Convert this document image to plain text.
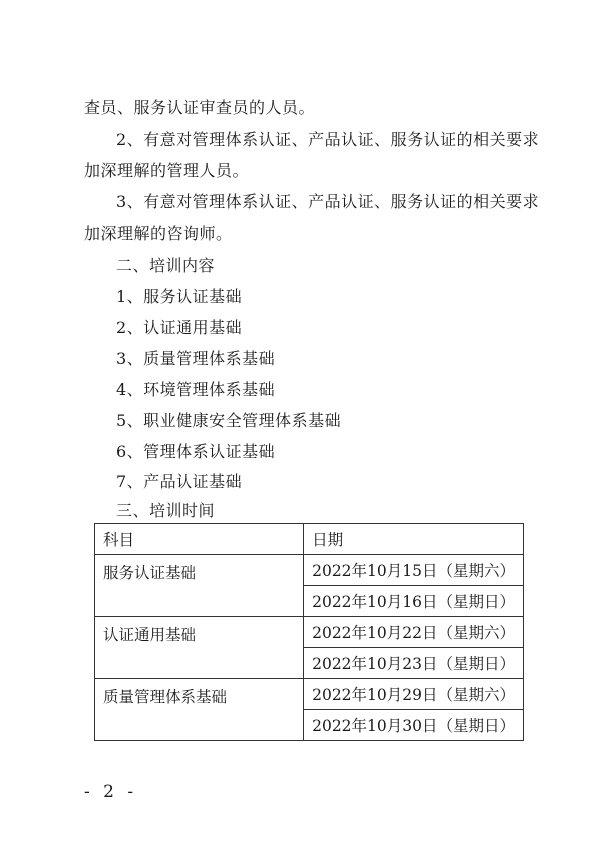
查员、服务认证审查员的人员。
2、有意对管理体系认证、产品认证、服务认证的相关要求
加深理解的管理人员。
3、有意对管理体系认证、产品认证、服务认证的相关要求
加深理解的咨询师。
二、培训内容
1、服务认证基础
2、认证通用基础
3、质量管理体系基础
4、环境管理体系基础
5、职业健康安全管理体系基础
6、管理体系认证基础
7、产品认证基础
三、培训时间
科目	日期
服务认证基础	2022年10月15日（星期六）
	2022年10月16日（星期日）
认证通用基础	2022年10月22日（星期六）
	2022年10月23日（星期日）
质量管理体系基础	2022年10月29日（星期六）
	2022年10月30日（星期日）
- 2 -
